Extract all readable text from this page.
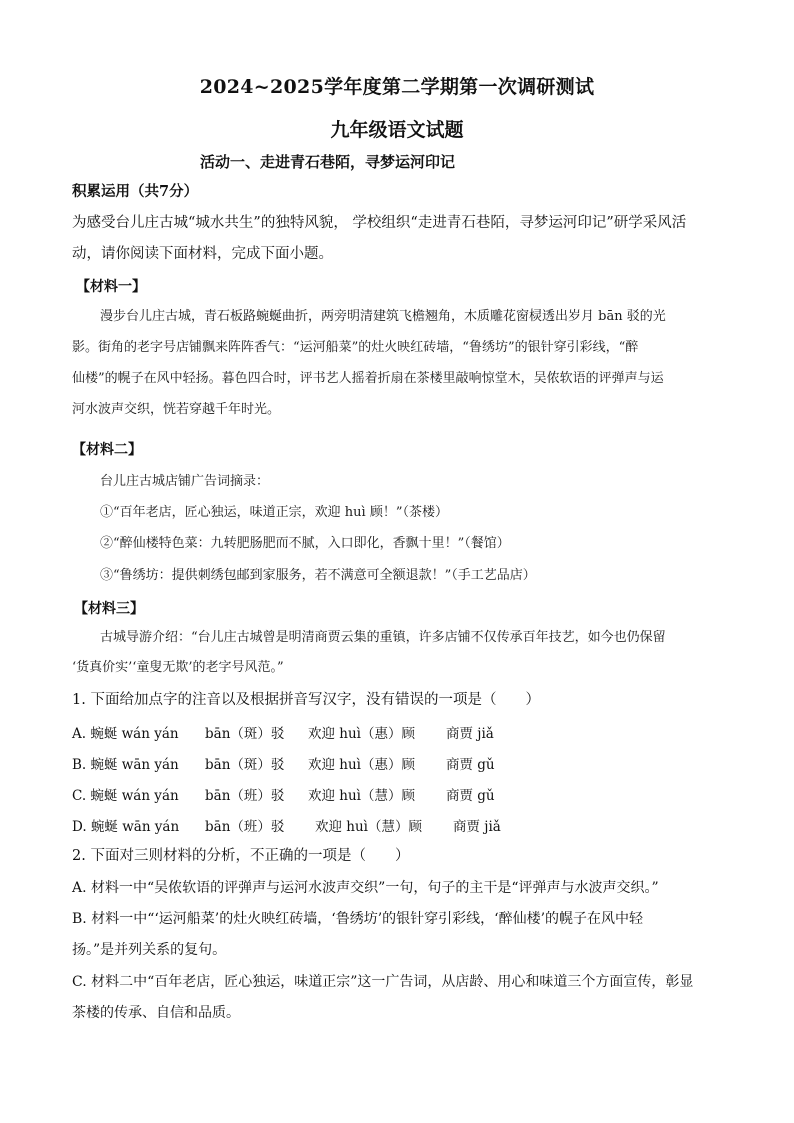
2024~2025学年度第二学期第一次调研测试
九年级语文试题
活动一、走进青石巷陌，寻梦运河印记
积累运用（共7分）
为感受台儿庄古城“城水共生”的独特风貌， 学校组织“走进青石巷陌，寻梦运河印记”研学采风活
动，请你阅读下面材料，完成下面小题。
【材料一】
漫步台儿庄古城，青石板路蜿蜒曲折，两旁明清建筑飞檐翘角，木质雕花窗棂透出岁月 bān 驳的光
影。街角的老字号店铺飘来阵阵香气：“运河船菜”的灶火映红砖墙，“鲁绣坊”的银针穿引彩线，“醉
仙楼”的幌子在风中轻扬。暮色四合时，评书艺人摇着折扇在茶楼里敲响惊堂木，吴侬软语的评弹声与运
河水波声交织，恍若穿越千年时光。
【材料二】
台儿庄古城店铺广告词摘录：
①“百年老店，匠心独运，味道正宗，欢迎 huì 顾！”（茶楼）
②“醉仙楼特色菜：九转肥肠肥而不腻，入口即化，香飘十里！”（餐馆）
③“鲁绣坊：提供刺绣包邮到家服务，若不满意可全额退款！”（手工艺品店）
【材料三】
古城导游介绍：“台儿庄古城曾是明清商贾云集的重镇，许多店铺不仅传承百年技艺，如今也仍保留
‘货真价实’‘童叟无欺’的老字号风范。”
1. 下面给加点字的注音以及根据拼音写汉字，没有错误的一项是（　　）
A. 蜿蜒 wán yán bān（斑）驳 欢迎 huì（惠）顾 商贾 jiǎ
B. 蜿蜒 wān yán bān（斑）驳 欢迎 huì（惠）顾 商贾 gǔ
C. 蜿蜒 wán yán bān（班）驳 欢迎 huì（慧）顾 商贾 gǔ
D. 蜿蜒 wān yán bān（班）驳 欢迎 huì（慧）顾 商贾 jiǎ
2. 下面对三则材料的分析，不正确的一项是（　　）
A. 材料一中“吴侬软语的评弹声与运河水波声交织”一句，句子的主干是“评弹声与水波声交织。”
B. 材料一中“‘运河船菜’的灶火映红砖墙，‘鲁绣坊’的银针穿引彩线，‘醉仙楼’的幌子在风中轻
扬。”是并列关系的复句。
C. 材料二中“百年老店，匠心独运，味道正宗”这一广告词，从店龄、用心和味道三个方面宣传，彰显
茶楼的传承、自信和品质。
